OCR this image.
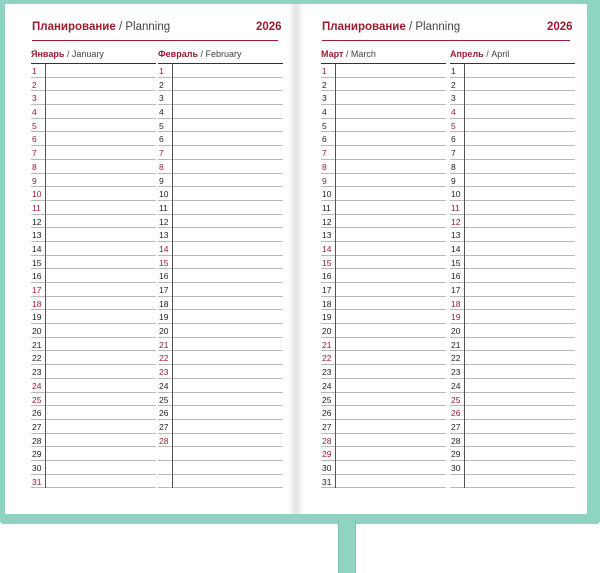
Планирование / Planning	2026
Январь / January
1
2
3
4
5
6
7
8
9
10
11
12
13
14
15
16
17
18
19
20
21
22
23
24
25
26
27
28
29
30
31
Февраль / February
1
2
3
4
5
6
7
8
9
10
11
12
13
14
15
16
17
18
19
20
21
22
23
24
25
26
27
28
Планирование / Planning	2026
Март / March
1
2
3
4
5
6
7
8
9
10
11
12
13
14
15
16
17
18
19
20
21
22
23
24
25
26
27
28
29
30
31
Апрель / April
1
2
3
4
5
6
7
8
9
10
11
12
13
14
15
16
17
18
19
20
21
22
23
24
25
26
27
28
29
30
